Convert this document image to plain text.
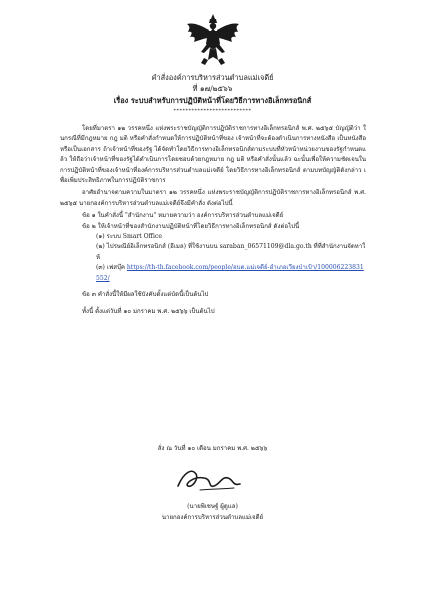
คำสั่งองค์การบริหารส่วนตำบลแม่เจดีย์
ที่ ๑๗/๒๕๖๖
เรื่อง ระบบสำหรับการปฏิบัติหน้าที่โดยวิธีการทางอิเล็กทรอนิกส์
**************************

โดยที่มาตรา ๑๒ วรรคหนึ่ง แห่งพระราชบัญญัติการปฏิบัติราชการทางอิเล็กทรอนิกส์ พ.ศ. ๒๕๖๕ บัญญัติว่า ในกรณีที่มีกฎหมาย กฎ มติ หรือคำสั่งกำหนดให้การปฏิบัติหน้าที่ของ เจ้าหน้าที่จะต้องดำเนินการทางหนังสือ เป็นหนังสือ หรือเป็นเอกสาร ถ้าเจ้าหน้าที่ของรัฐ ได้จัดทำโดยวิธีการทางอิเล็กทรอนิกส์ตามระบบที่หัวหน้าหน่วยงานของรัฐกำหนดแล้ว ให้ถือว่าเจ้าหน้าที่ของรัฐได้ดำเนินการโดยชอบด้วยกฎหมาย กฎ มติ หรือคำสั่งนั้นแล้ว ฉะนั้นเพื่อให้ความชัดเจนในการปฏิบัติหน้าที่ของเจ้าหน้าที่องค์การบริหารส่วนตำบลแม่เจดีย์ โดยวิธีการทางอิเล็กทรอนิกส์ ตามบทบัญญัติดังกล่าว เพื่อเพิ่มประสิทธิภาพในการปฏิบัติราชการ

อาศัยอำนาจตามความในมาตรา ๑๒ วรรคหนึ่ง แห่งพระราชบัญญัติการปฏิบัติราชการทางอิเล็กทรอนิกส์ พ.ศ. ๒๕๖๕ นายกองค์การบริหารส่วนตำบลแม่เจดีย์จึงมีคำสั่ง ดังต่อไปนี้

ข้อ ๑ ในคำสั่งนี้ "สำนักงาน" หมายความว่า องค์การบริหารส่วนตำบลแม่เจดีย์

ข้อ ๒ ให้เจ้าหน้าที่ของสำนักงานปฏิบัติหน้าที่โดยวิธีการทางอิเล็กทรอนิกส์ ดังต่อไปนี้

(๑) ระบบ Smart Office

(๒) ไปรษณีย์อิเล็กทรอนิกส์ (อีเมล) ที่ใช้งานบน saraban_06571109@dla.go.th ที่ที่สำนักงานจัดหาให้

(๓) เฟสบุ๊ค https://th-th.facebook.com/people/อบต.แม่เจดีย์-อำเภอเวียงป่าเป้า/100006223831552/

ข้อ ๓ คำสั่งนี้ให้มีผลใช้บังคับตั้งแต่บัดนี้เป็นต้นไป

ทั้งนี้ ตั้งแต่วันที่ ๑๐ มกราคม พ.ศ. ๒๕๖๖ เป็นต้นไป

สั่ง ณ วันที่ ๑๐ เดือน มกราคม พ.ศ. ๒๕๖๖
(นายพิเชษฐ์ ผู้ดูแล)
นายกองค์การบริหารส่วนตำบลแม่เจดีย์
